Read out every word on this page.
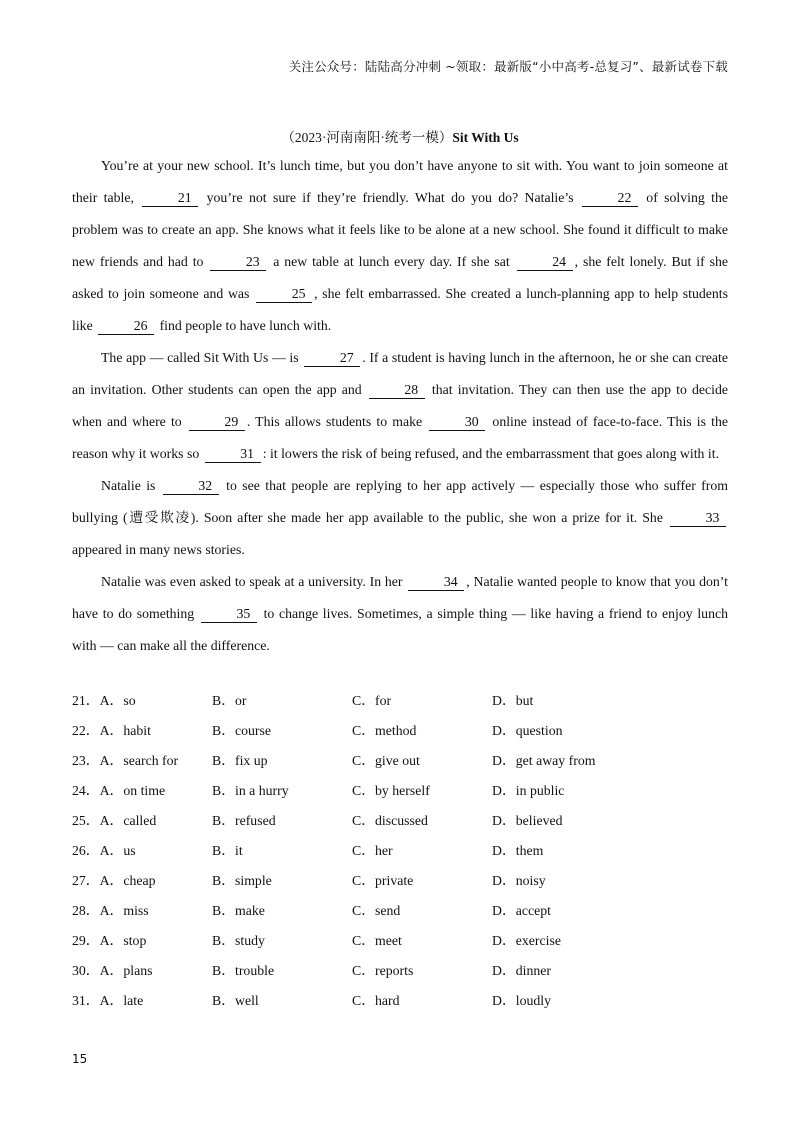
关注公众号：陆陆高分冲刺 ~领取：最新版“小中高考-总复习”、最新试卷下载
（2023·河南南阳·统考一模）Sit With Us

You’re at your new school. It’s lunch time, but you don’t have anyone to sit with. You want to join someone at their table,	21 you’re not sure if they’re friendly. What do you do? Natalie’s	22 of solving the problem was to create an app. She knows what it feels like to be alone at a new school. She found it difficult to make new friends and had to	23 a new table at lunch every day. If she sat	24 , she felt lonely. But if she asked to join someone and was	25 , she felt embarrassed. She created a lunch-planning app to help students like	26 find people to have lunch with.

The app — called Sit With Us — is	27 . If a student is having lunch in the afternoon, he or she can create an invitation. Other students can open the app and	28 that invitation. They can then use the app to decide when and where to	29 . This allows students to make	30 online instead of face-to-face. This is the reason why it works so	31 : it lowers the risk of being refused, and the embarrassment that goes along with it.

Natalie is	32 to see that people are replying to her app actively — especially those who suffer from bullying (遭受欺凌). Soon after she made her app available to the public, she won a prize for it. She	33 appeared in many news stories.

Natalie was even asked to speak at a university. In her	34 , Natalie wanted people to know that you don’t have to do something	35 to change lives. Sometimes, a simple thing — like having a friend to enjoy lunch with — can make all the difference.

21．A．so	B．or	C．for	D．but
22．A．habit	B．course	C．method	D．question
23．A．search for B．fix up	C．give out	D．get away from
24．A．on time	B．in a hurry	C．by herself	D．in public
25．A．called	B．refused	C．discussed	D．believed
26．A．us	B．it	C．her	D．them
27．A．cheap	B．simple	C．private	D．noisy
28．A．miss	B．make	C．send	D．accept
29．A．stop	B．study	C．meet	D．exercise
30．A．plans	B．trouble	C．reports	D．dinner
31．A．late	B．well	C．hard	D．loudly
15
